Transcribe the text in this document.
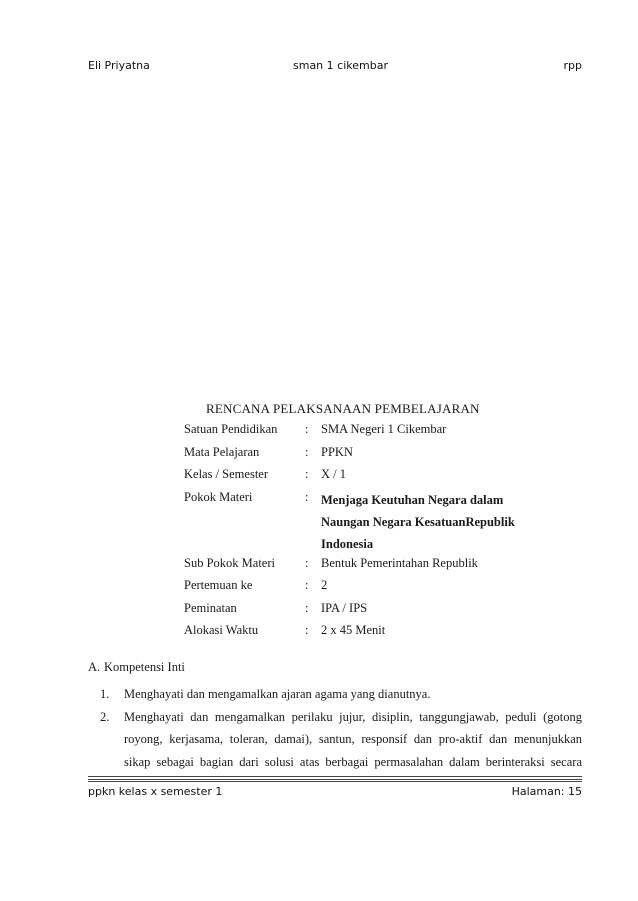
Eli Priyatna	sman 1 cikembar	rpp
RENCANA PELAKSANAAN PEMBELAJARAN
Satuan Pendidikan : SMA Negeri 1 Cikembar
Mata Pelajaran	: PPKN
Kelas / Semester	: X / 1
Pokok Materi	: Menjaga Keutuhan Negara dalam
Naungan Negara KesatuanRepublik
Indonesia
Sub Pokok Materi : Bentuk Pemerintahan Republik
Pertemuan ke	: 2
Peminatan	: IPA / IPS
Alokasi Waktu	: 2 x 45 Menit
A. Kompetensi Inti
1. Menghayati dan mengamalkan ajaran agama yang dianutnya.
2. Menghayati dan mengamalkan perilaku jujur, disiplin, tanggungjawab, peduli (gotong
royong, kerjasama, toleran, damai), santun, responsif dan pro-aktif dan menunjukkan
sikap sebagai bagian dari solusi atas berbagai permasalahan dalam berinteraksi secara
ppkn kelas x semester 1	Halaman: 15
